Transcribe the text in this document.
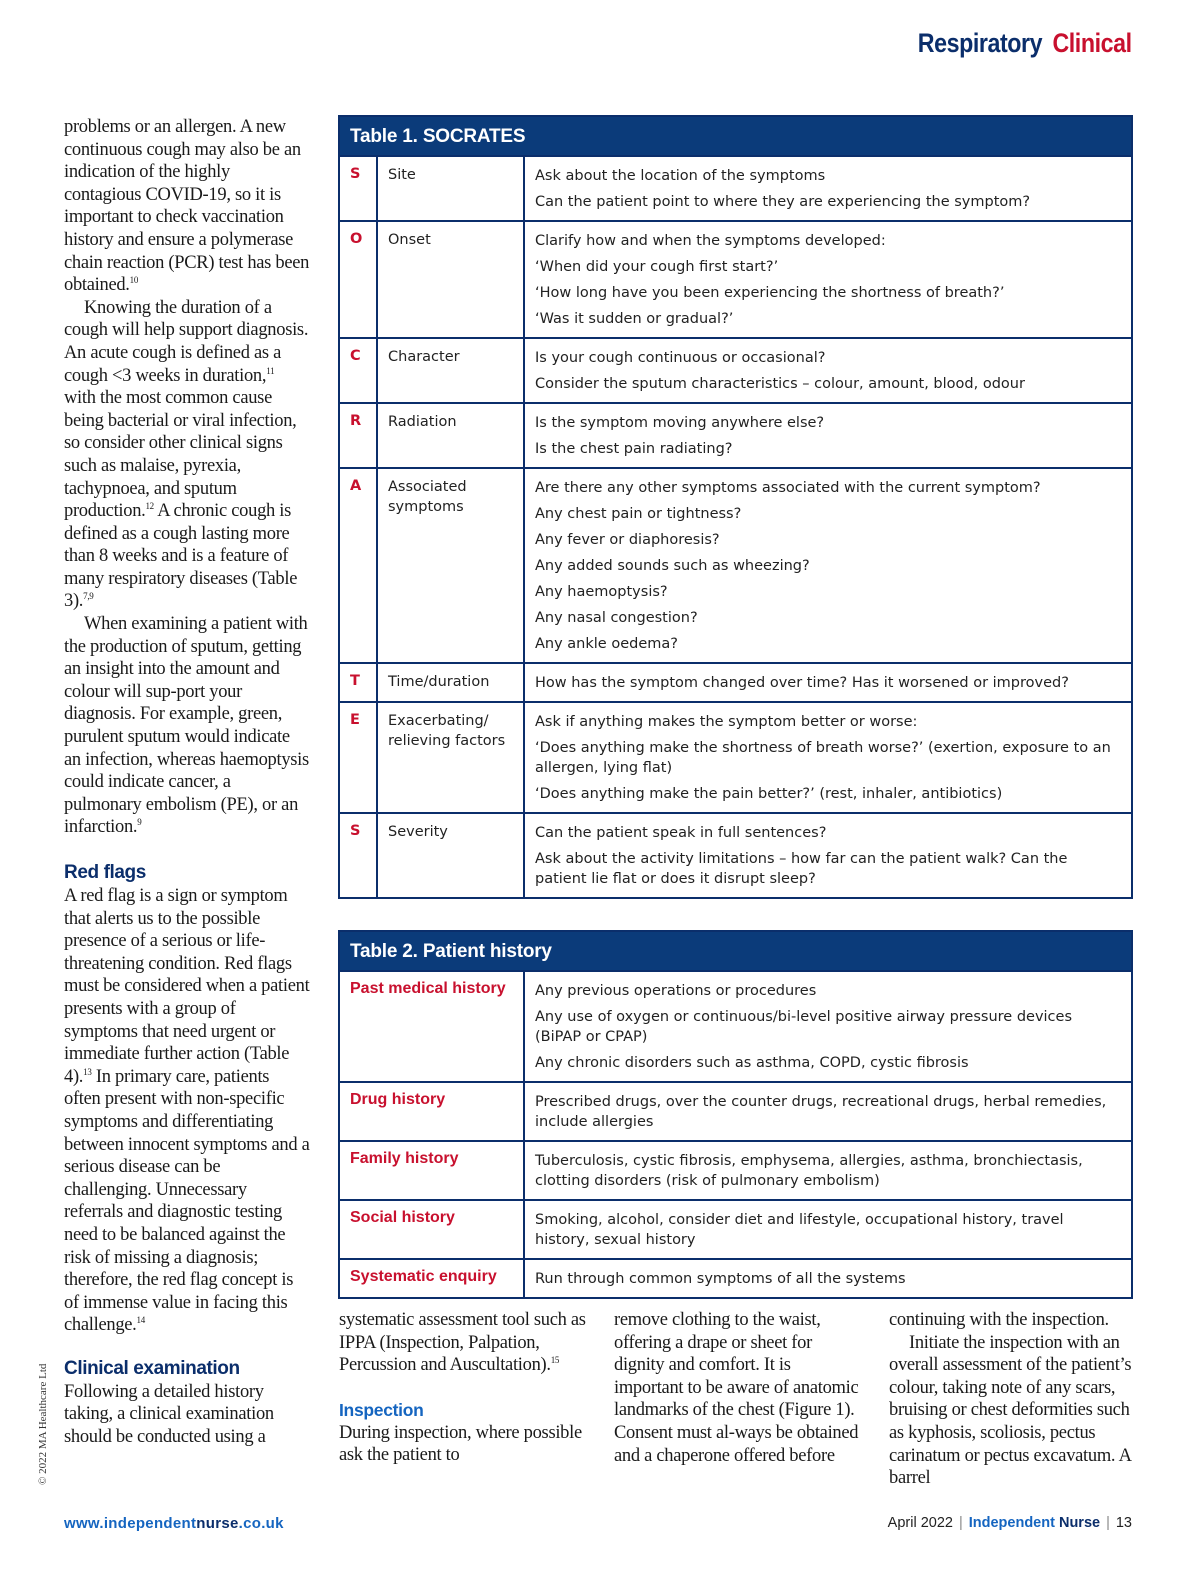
Respiratory Clinical

problems or an allergen. A new continuous cough may also be an indication of the highly contagious COVID-19, so it is important to check vaccination history and ensure a polymerase chain reaction (PCR) test has been obtained.$^{10}$

Knowing the duration of a cough will help support diagnosis. An acute cough is defined as a cough <3 weeks in duration,$^{11}$ with the most common cause being bacterial or viral infection, so consider other clinical signs such as malaise, pyrexia, tachypnoea, and sputum production.$^{12}$ A chronic cough is defined as a cough lasting more than 8 weeks and is a feature of many respiratory diseases (Table 3).$^{7,9}$

When examining a patient with the production of sputum, getting an insight into the amount and colour will sup-port your diagnosis. For example, green, purulent sputum would indicate an infection, whereas haemoptysis could indicate cancer, a pulmonary embolism (PE), or an infarction.$^9$

Red flags

A red flag is a sign or symptom that alerts us to the possible presence of a serious or life-threatening condition. Red flags must be considered when a patient presents with a group of symptoms that need urgent or immediate further action (Table 4).$^{13}$ In primary care, patients often present with non-specific symptoms and differentiating between innocent symptoms and a serious disease can be challenging. Unnecessary referrals and diagnostic testing need to be balanced against the risk of missing a diagnosis; therefore, the red flag concept is of immense value in facing this challenge.$^{14}$

Clinical examination

Following a detailed history taking, a clinical examination should be conducted using a

Table 1. SOCRATES
S	Site	Ask about the location of the symptoms
Can the patient point to where they are experiencing the symptom?
O	Onset	Clarify how and when the symptoms developed:
‘When did your cough first start?’
‘How long have you been experiencing the shortness of breath?’
‘Was it sudden or gradual?’
C	Character	Is your cough continuous or occasional?
Consider the sputum characteristics – colour, amount, blood, odour
R	Radiation	Is the symptom moving anywhere else?
Is the chest pain radiating?
A	Associated symptoms
Are there any other symptoms associated with the current symptom?
Any chest pain or tightness?
Any fever or diaphoresis?
Any added sounds such as wheezing?
Any haemoptysis?
Any nasal congestion?
Any ankle oedema?
T	Time/duration	How has the symptom changed over time? Has it worsened or improved?
E	Exacerbating/ relieving factors
Ask if anything makes the symptom better or worse:
‘Does anything make the shortness of breath worse?’ (exertion, exposure to an allergen, lying flat)
‘Does anything make the pain better?’ (rest, inhaler, antibiotics)
S	Severity	Can the patient speak in full sentences?
Ask about the activity limitations – how far can the patient walk? Can the patient lie flat or does it disrupt sleep?
Table 2. Patient history
Past medical history	Any previous operations or procedures
Any use of oxygen or continuous/bi-level positive airway pressure devices (BiPAP or CPAP)
Any chronic disorders such as asthma, COPD, cystic fibrosis
Drug history	Prescribed drugs, over the counter drugs, recreational drugs, herbal remedies, include allergies
Family history	Tuberculosis, cystic fibrosis, emphysema, allergies, asthma, bronchiectasis, clotting disorders (risk of pulmonary embolism)
Social history	Smoking, alcohol, consider diet and lifestyle, occupational history, travel history, sexual history
Systematic enquiry	Run through common symptoms of all the systems

systematic assessment tool such as IPPA (Inspection, Palpation, Percussion and Auscultation).$^{15}$

Inspection

During inspection, where possible ask the patient to

remove clothing to the waist, offering a drape or sheet for dignity and comfort. It is important to be aware of anatomic landmarks of the chest (Figure 1). Consent must al-ways be obtained and a chaperone offered before

continuing with the inspection.

Initiate the inspection with an overall assessment of the patient’s colour, taking note of any scars, bruising or chest deformities such as kyphosis, scoliosis, pectus carinatum or pectus excavatum. A barrel

© 2022 MA Healthcare Ltd
www.independentnurse.co.uk	April 2022 | Independent Nurse | 13
